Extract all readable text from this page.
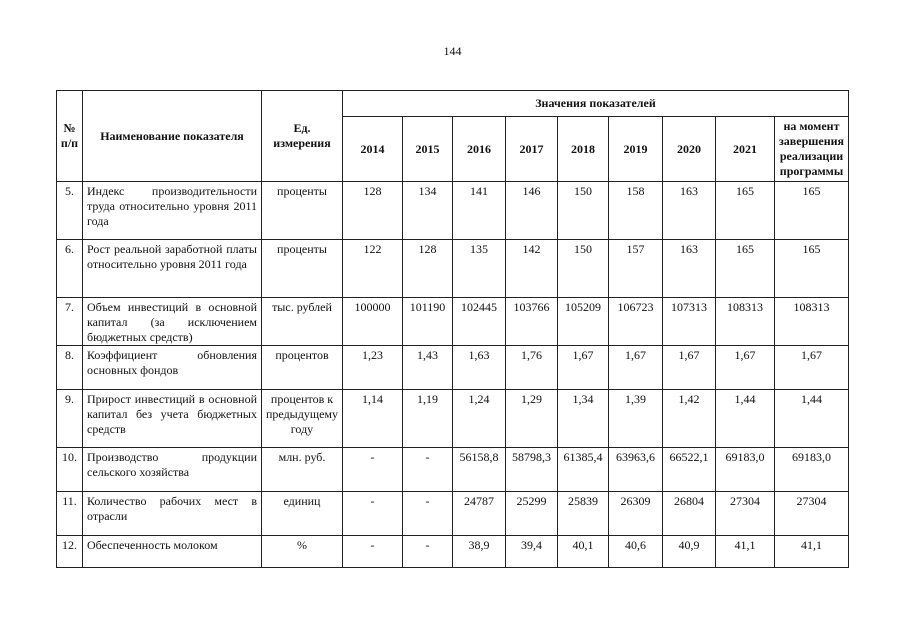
144
№ п/п	Наименование показателя	Ед. измерения	Значения показателей								
			2014	2015	2016	2017	2018	2019	2020	2021	на момент завершения реализации программы
5.	Индекс производительности труда относительно уровня 2011 года	проценты	128	134	141	146	150	158	163	165	165
6.	Рост реальной заработной платы относительно уровня 2011 года	проценты	122	128	135	142	150	157	163	165	165
7.	Объем инвестиций в основной капитал (за исключением бюджетных средств)	тыс. рублей	100000	101190	102445	103766	105209	106723	107313	108313	108313
8.	Коэффициент обновления основных фондов	процентов	1,23	1,43	1,63	1,76	1,67	1,67	1,67	1,67	1,67
9.	Прирост инвестиций в основной капитал без учета бюджетных средств	процентов к предыдущему году	1,14	1,19	1,24	1,29	1,34	1,39	1,42	1,44	1,44
10.	Производство продукции сельского хозяйства	млн. руб.	-	-	56158,8	58798,3	61385,4	63963,6	66522,1	69183,0	69183,0
11.	Количество рабочих мест в отрасли	единиц	-	-	24787	25299	25839	26309	26804	27304	27304
12.	Обеспеченность молоком	%	-	-	38,9	39,4	40,1	40,6	40,9	41,1	41,1
